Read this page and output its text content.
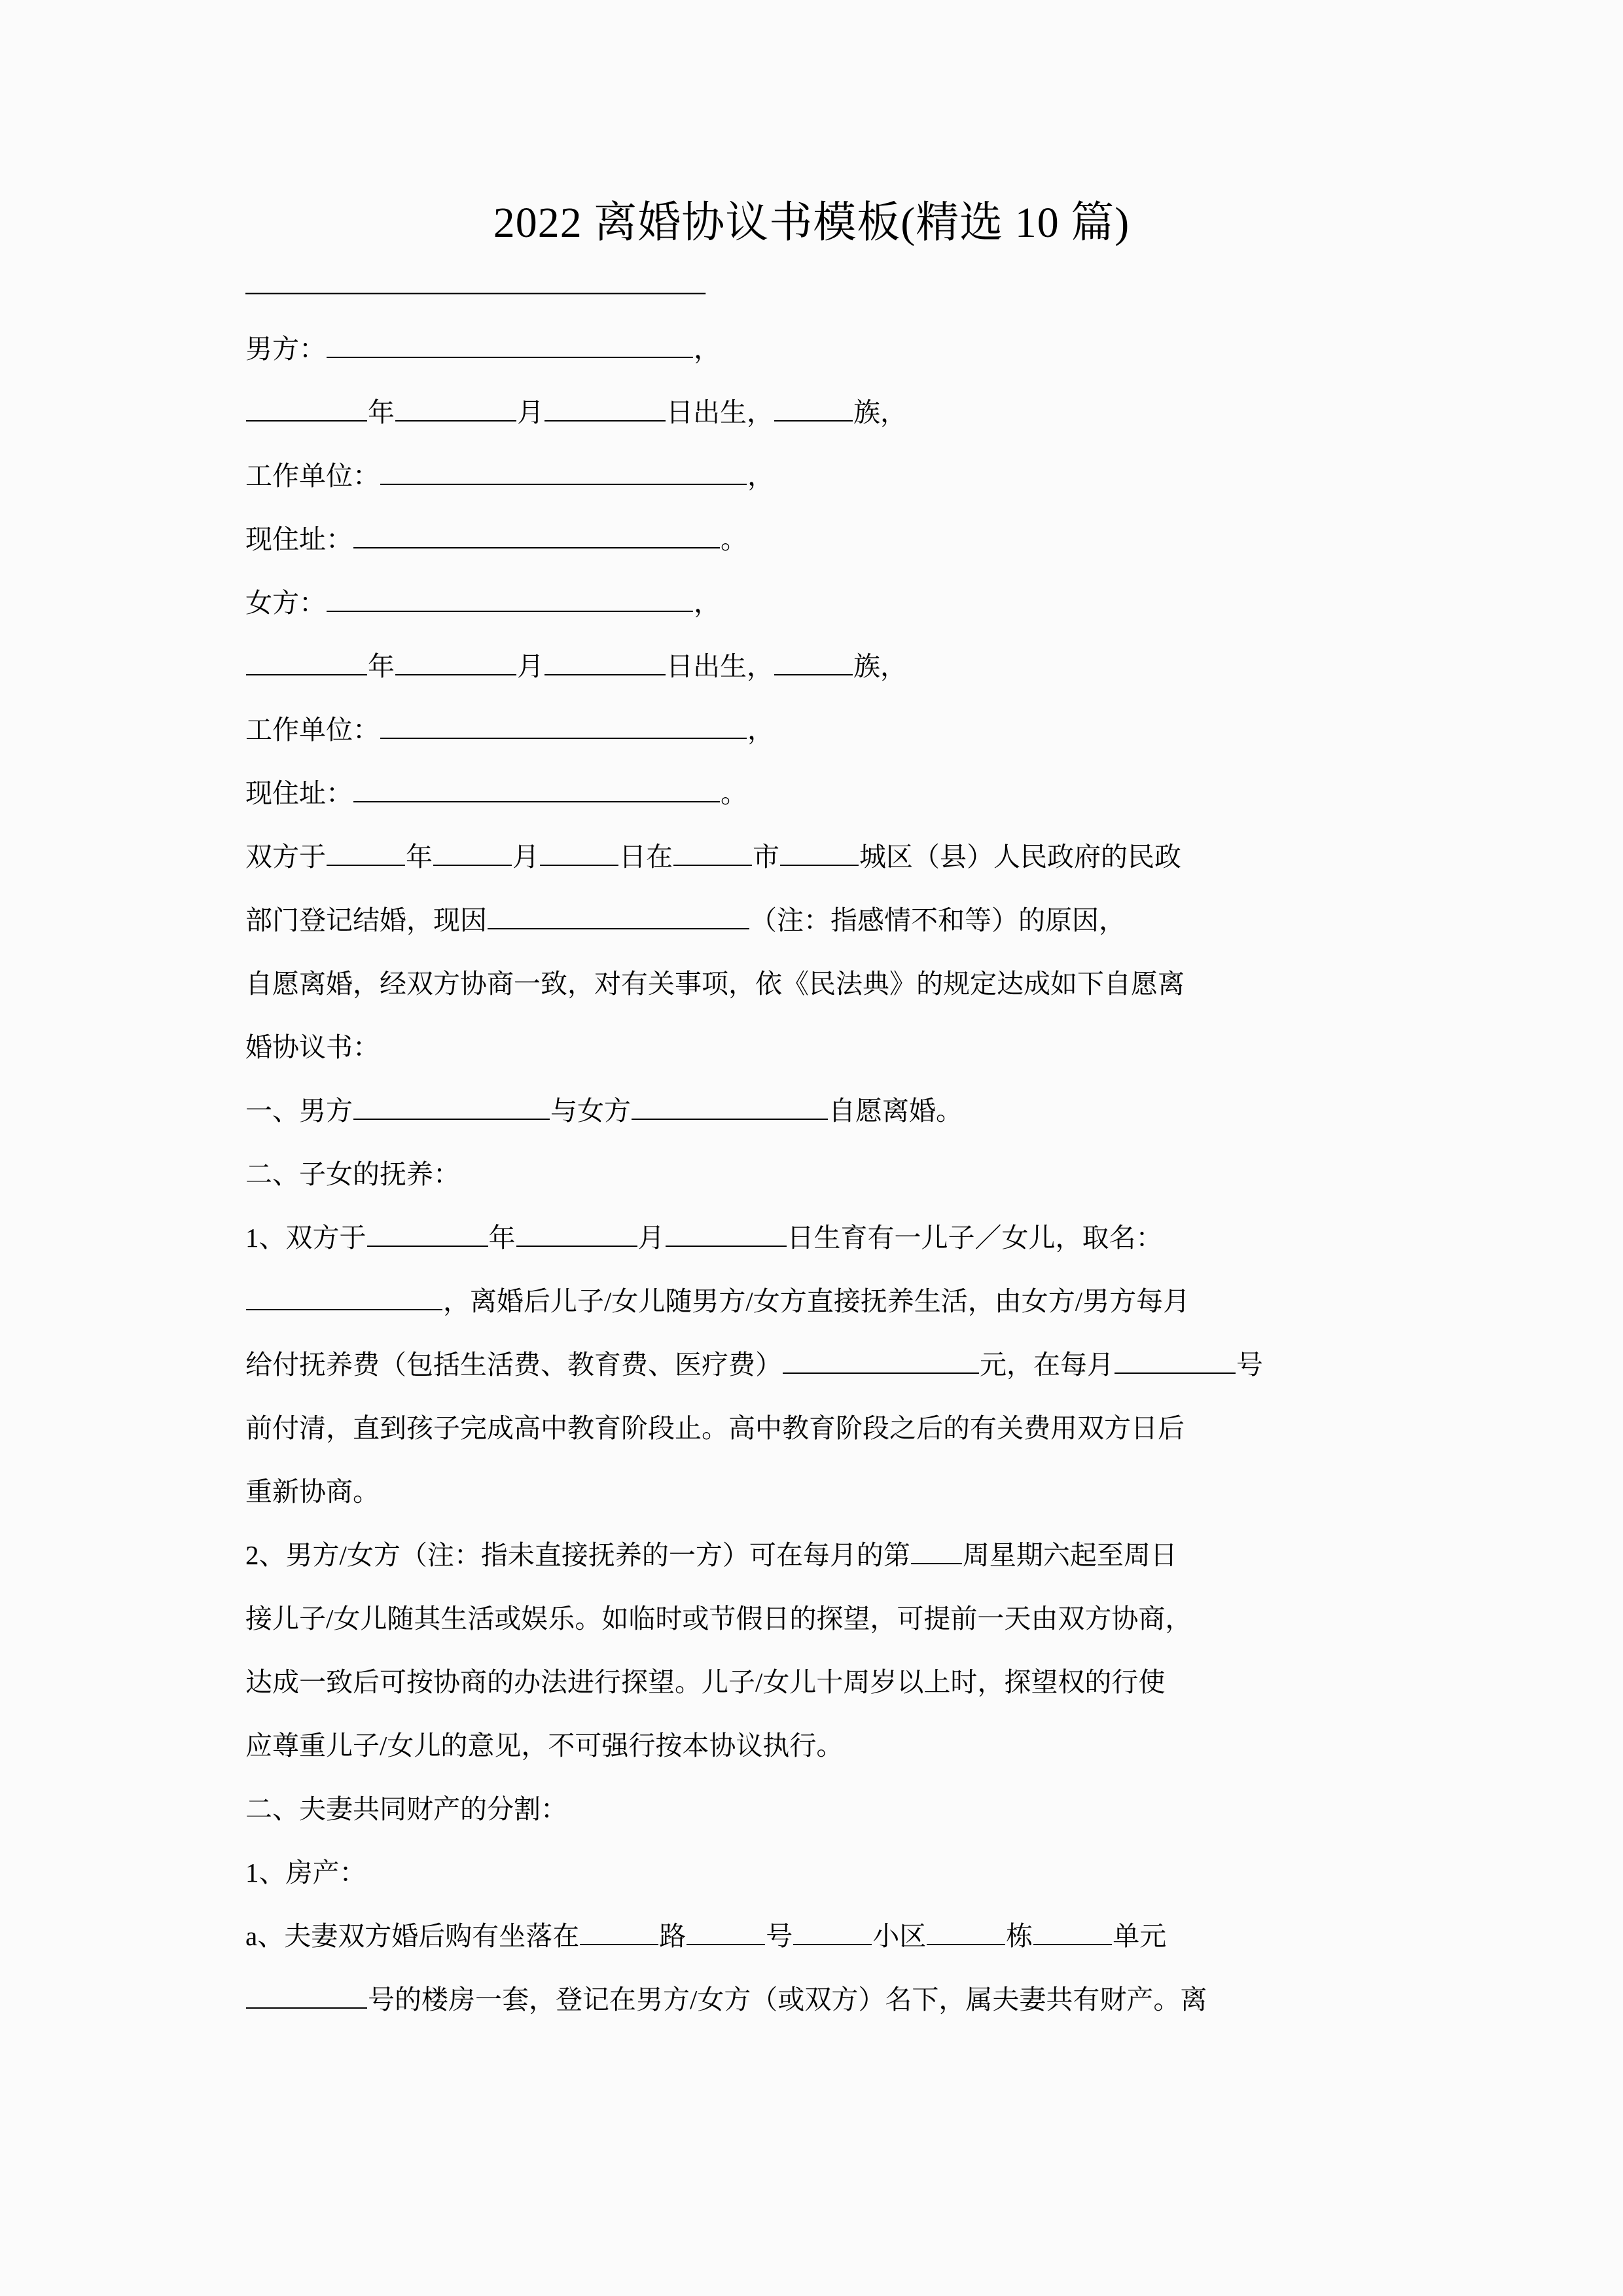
2022 离婚协议书模板(精选 10 篇)
——————————————————

男方：	，

年	月	日出生，	族，

工作单位：	，

现住址：	。

女方：	，

年	月	日出生，	族，

工作单位：	，

现住址：	。

双方于	年	月	日在	市	城区（县）人民政府的民政

部门登记结婚，现因	（注：指感情不和等）的原因，

自愿离婚，经双方协商一致，对有关事项，依《民法典》的规定达成如下自愿离

婚协议书：

一、男方	与女方	自愿离婚。

二、子女的抚养：

1、双方于	年	月	日生育有一儿子／女儿，取名：

，离婚后儿子/女儿随男方/女方直接抚养生活，由女方/男方每月

给付抚养费（包括生活费、教育费、医疗费）	元，在每月	号

前付清，直到孩子完成高中教育阶段止。高中教育阶段之后的有关费用双方日后

重新协商。

2、男方/女方（注：指未直接抚养的一方）可在每月的第 周星期六起至周日

接儿子/女儿随其生活或娱乐。如临时或节假日的探望，可提前一天由双方协商，

达成一致后可按协商的办法进行探望。儿子/女儿十周岁以上时，探望权的行使

应尊重儿子/女儿的意见，不可强行按本协议执行。

二、夫妻共同财产的分割：

1、房产：

a、夫妻双方婚后购有坐落在	路	号	小区	栋	单元

号的楼房一套，登记在男方/女方（或双方）名下，属夫妻共有财产。离
